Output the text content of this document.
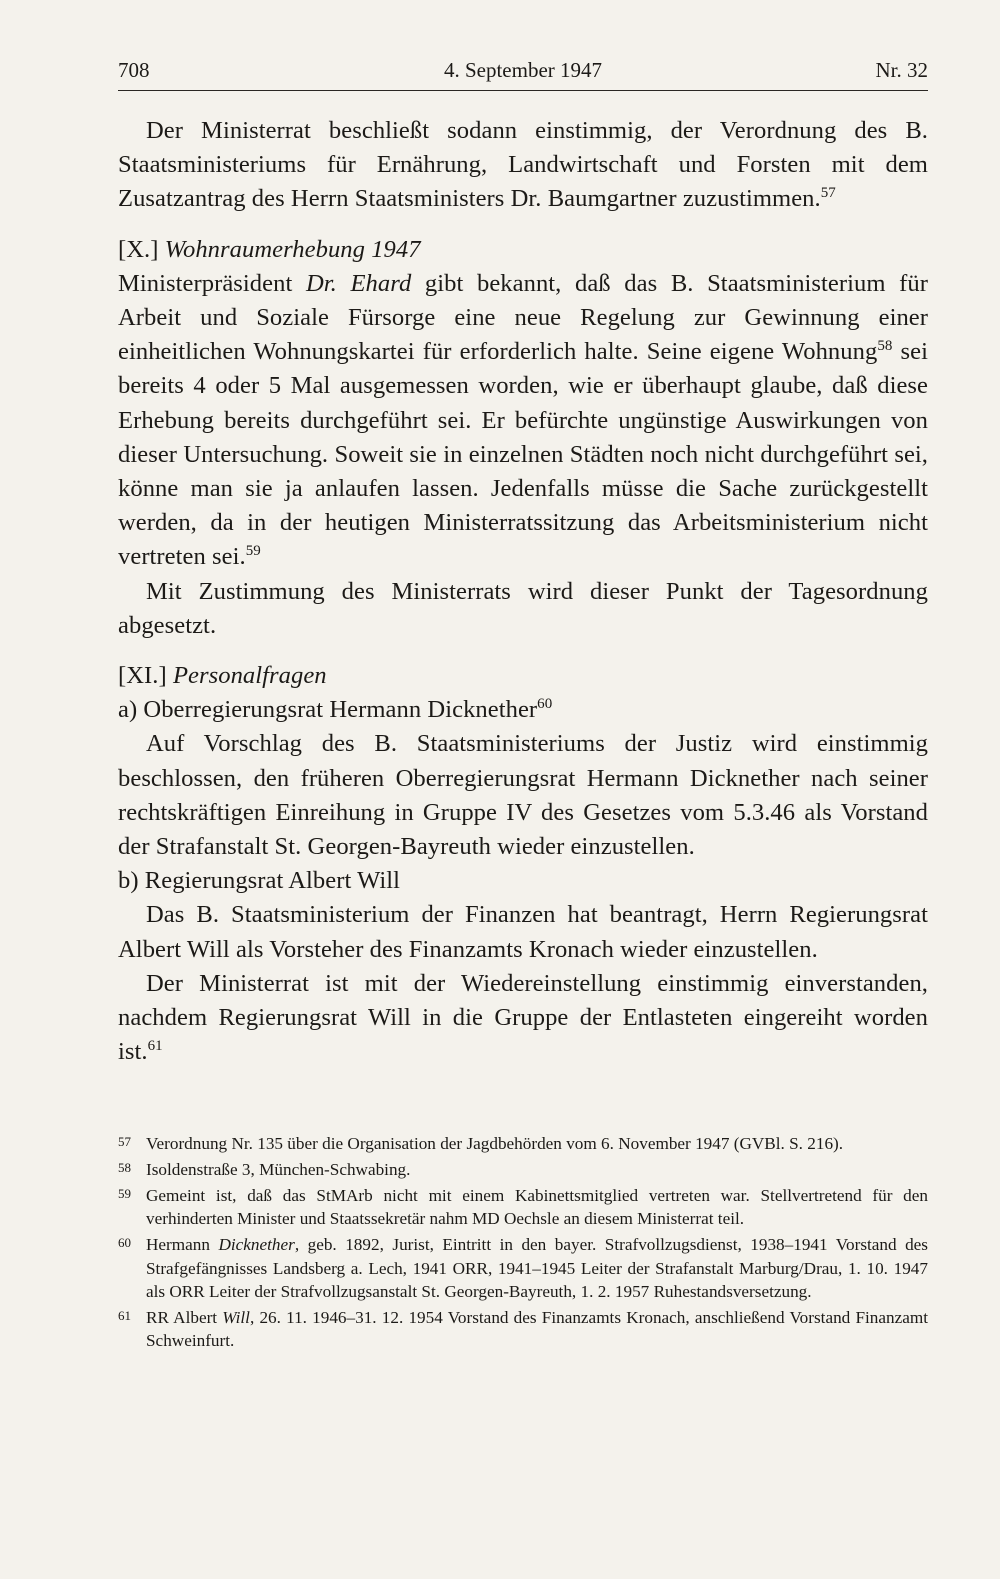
708	4. September 1947	Nr. 32

Der Ministerrat beschließt sodann einstimmig, der Verordnung des B. Staatsministeriums für Ernährung, Landwirtschaft und Forsten mit dem Zusatzantrag des Herrn Staatsministers Dr. Baumgartner zuzustimmen.$^{57}$

[X.] Wohnraumerhebung 1947

Ministerpräsident Dr. Ehard gibt bekannt, daß das B. Staatsministerium für Arbeit und Soziale Fürsorge eine neue Regelung zur Gewinnung einer einheitlichen Wohnungskartei für erforderlich halte. Seine eigene Wohnung$^{58}$ sei bereits 4 oder 5 Mal ausgemessen worden, wie er überhaupt glaube, daß diese Erhebung bereits durchgeführt sei. Er befürchte ungünstige Auswirkungen von dieser Untersuchung. Soweit sie in einzelnen Städten noch nicht durchgeführt sei, könne man sie ja anlaufen lassen. Jedenfalls müsse die Sache zurückgestellt werden, da in der heutigen Ministerratssitzung das Arbeitsministerium nicht vertreten sei.$^{59}$

Mit Zustimmung des Ministerrats wird dieser Punkt der Tagesordnung abgesetzt.

[XI.] Personalfragen

a) Oberregierungsrat Hermann Dicknether$^{60}$

Auf Vorschlag des B. Staatsministeriums der Justiz wird einstimmig beschlossen, den früheren Oberregierungsrat Hermann Dicknether nach seiner rechtskräftigen Einreihung in Gruppe IV des Gesetzes vom 5.3.46 als Vorstand der Strafanstalt St. Georgen-Bayreuth wieder einzustellen.

b) Regierungsrat Albert Will

Das B. Staatsministerium der Finanzen hat beantragt, Herrn Regierungsrat Albert Will als Vorsteher des Finanzamts Kronach wieder einzustellen.

Der Ministerrat ist mit der Wiedereinstellung einstimmig einverstanden, nachdem Regierungsrat Will in die Gruppe der Entlasteten eingereiht worden ist.$^{61}$

57 Verordnung Nr. 135 über die Organisation der Jagdbehörden vom 6. November 1947 (GVBl. S. 216).

58 Isoldenstraße 3, München-Schwabing.

59 Gemeint ist, daß das StMArb nicht mit einem Kabinettsmitglied vertreten war. Stellvertretend für den verhinderten Minister und Staatssekretär nahm MD Oechsle an diesem Ministerrat teil.

60 Hermann Dicknether, geb. 1892, Jurist, Eintritt in den bayer. Strafvollzugsdienst, 1938–1941 Vorstand des Strafgefängnisses Landsberg a. Lech, 1941 ORR, 1941–1945 Leiter der Strafanstalt Marburg/Drau, 1. 10. 1947 als ORR Leiter der Strafvollzugsanstalt St. Georgen-Bayreuth, 1. 2. 1957 Ruhestandsversetzung.

61 RR Albert Will, 26. 11. 1946–31. 12. 1954 Vorstand des Finanzamts Kronach, anschließend Vorstand Finanzamt Schweinfurt.
